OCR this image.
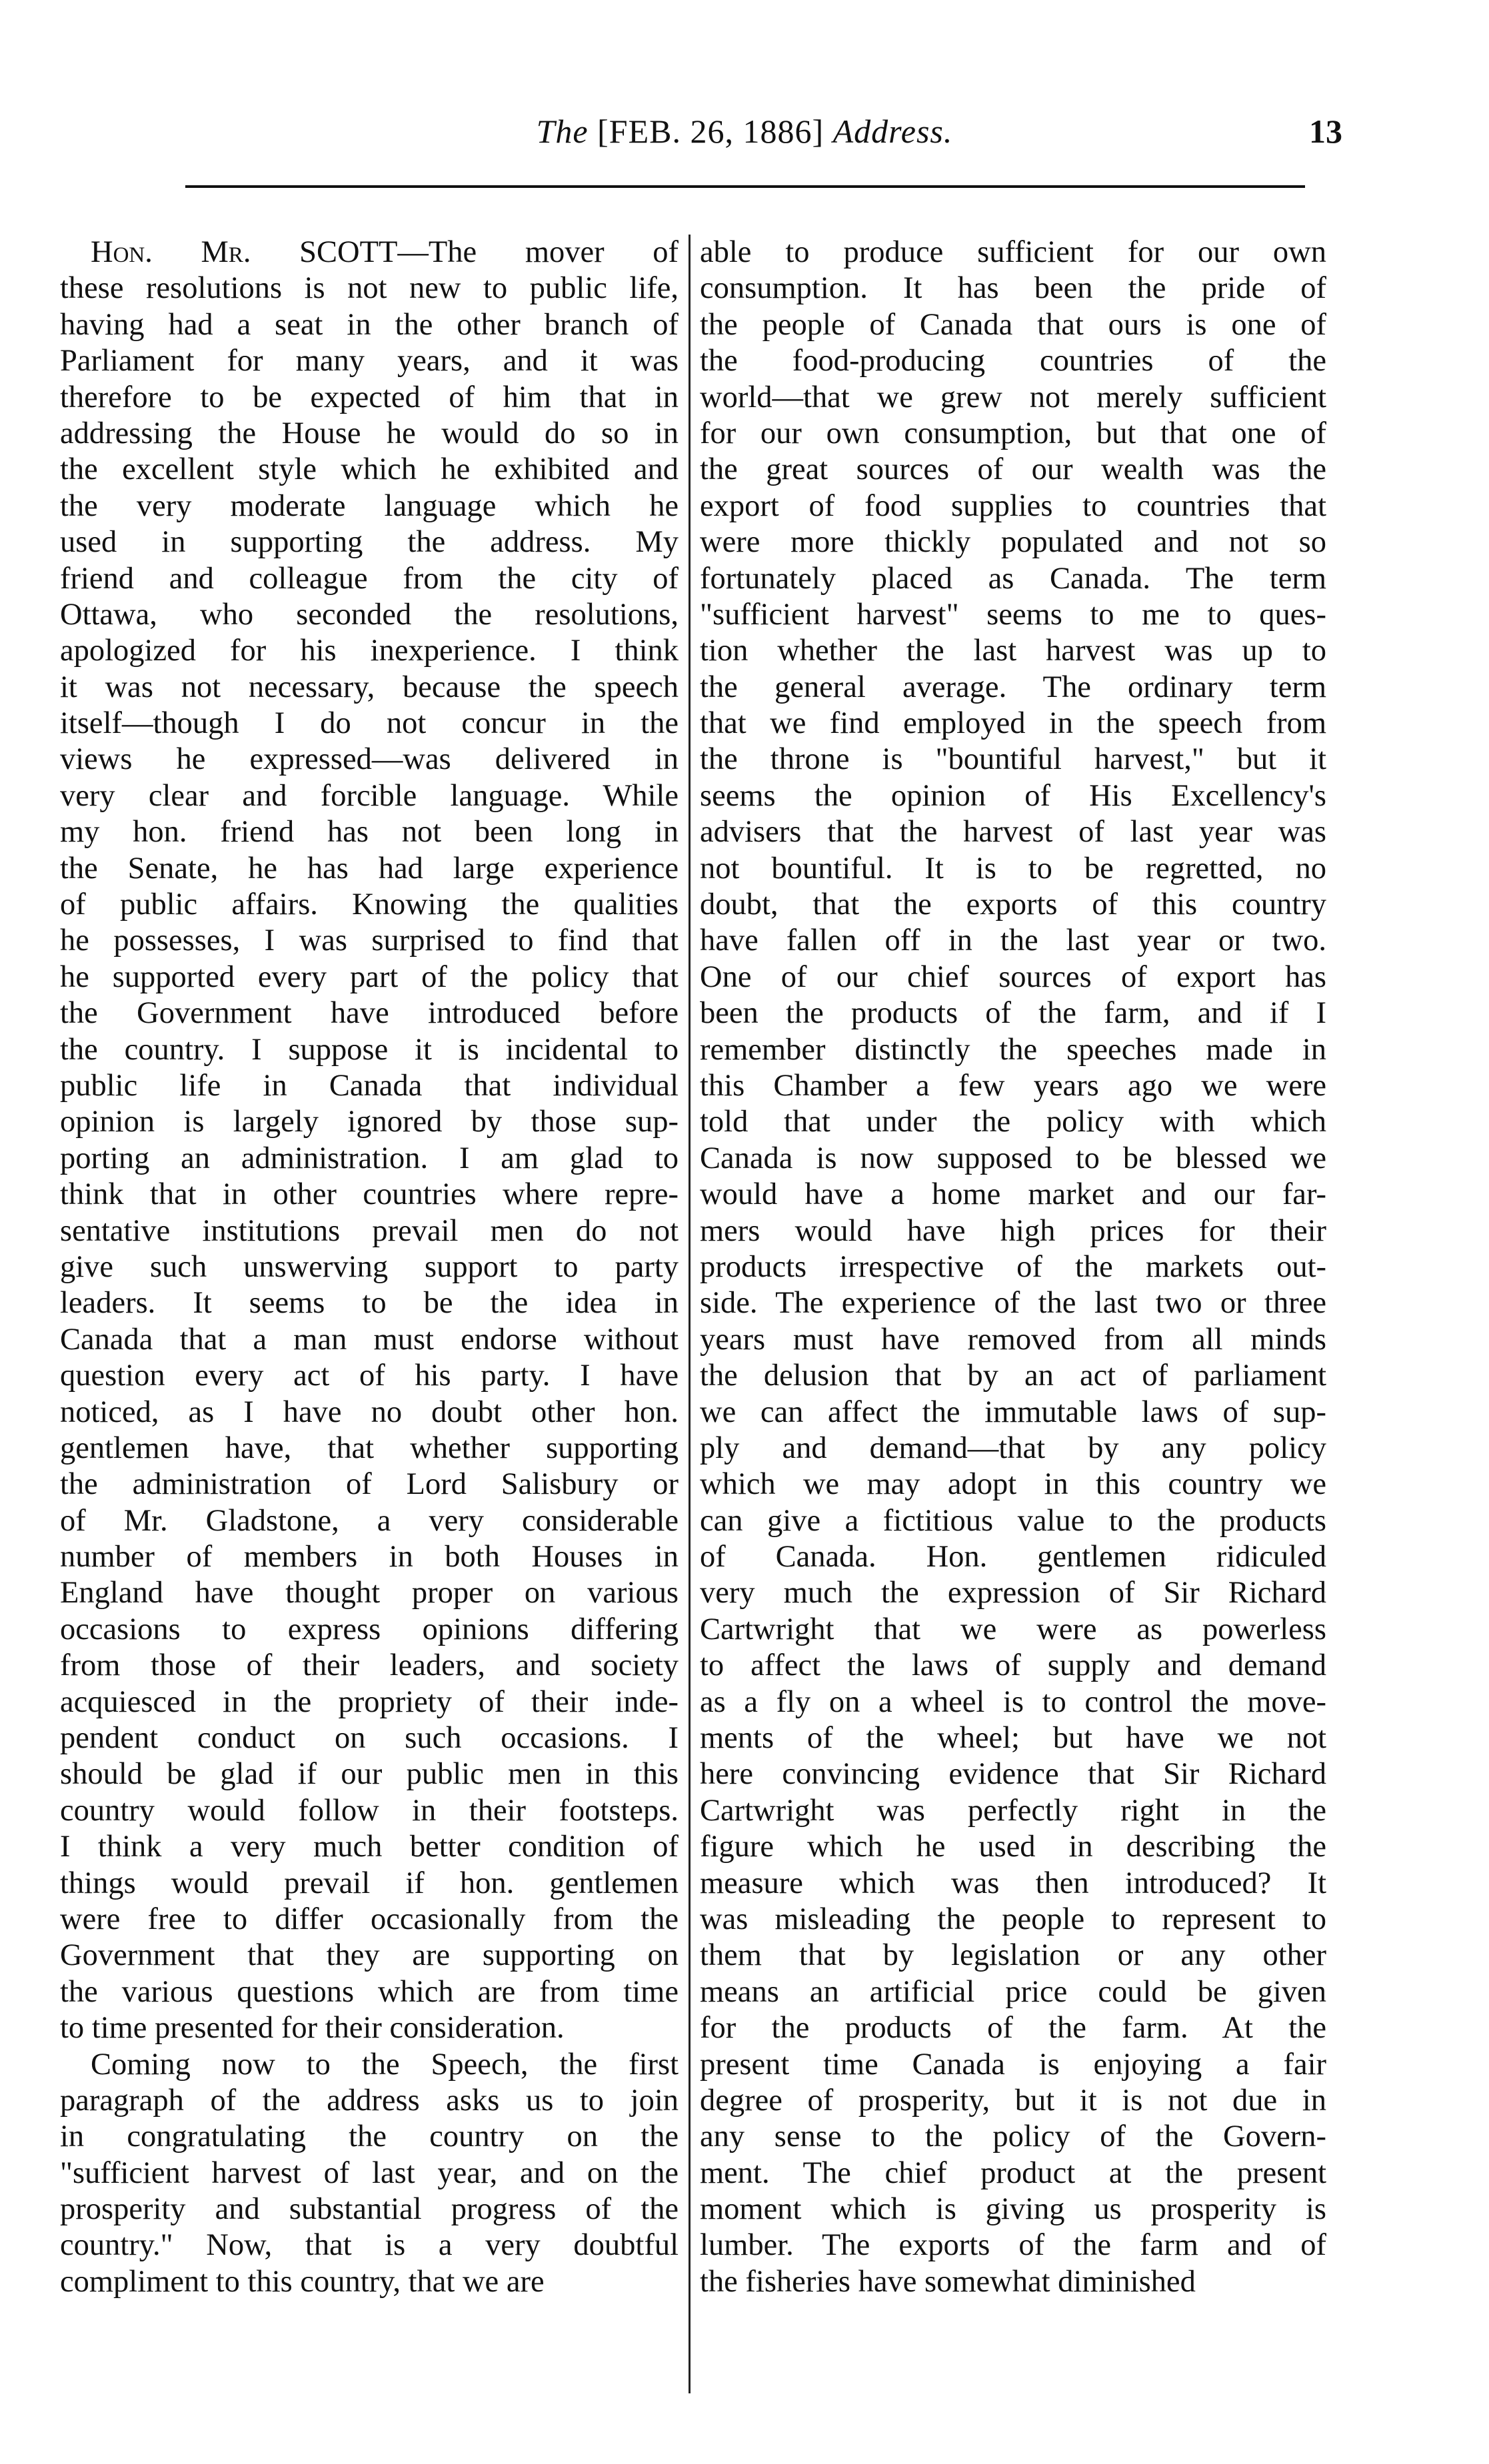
The [FEB. 26, 1886] Address.	13
Hon. Mr. SCOTT—The mover of
these resolutions is not new to public life,
having had a seat in the other branch of
Parliament for many years, and it was
therefore to be expected of him that in
addressing the House he would do so in
the excellent style which he exhibited and
the very moderate language which he
used in supporting the address. My
friend and colleague from the city of
Ottawa, who seconded the resolutions,
apologized for his inexperience. I think
it was not necessary, because the speech
itself—though I do not concur in the
views he expressed—was delivered in
very clear and forcible language. While
my hon. friend has not been long in
the Senate, he has had large experience
of public affairs. Knowing the qualities
he possesses, I was surprised to find that
he supported every part of the policy that
the Government have introduced before
the country. I suppose it is incidental to
public life in Canada that individual
opinion is largely ignored by those sup-
porting an administration. I am glad to
think that in other countries where repre-
sentative institutions prevail men do not
give such unswerving support to party
leaders. It seems to be the idea in
Canada that a man must endorse without
question every act of his party. I have
noticed, as I have no doubt other hon.
gentlemen have, that whether supporting
the administration of Lord Salisbury or
of Mr. Gladstone, a very considerable
number of members in both Houses in
England have thought proper on various
occasions to express opinions differing
from those of their leaders, and society
acquiesced in the propriety of their inde-
pendent conduct on such occasions. I
should be glad if our public men in this
country would follow in their footsteps.
I think a very much better condition of
things would prevail if hon. gentlemen
were free to differ occasionally from the
Government that they are supporting on
the various questions which are from time
to time presented for their consideration.
Coming now to the Speech, the first
paragraph of the address asks us to join
in congratulating the country on the
"sufficient harvest of last year, and on the
prosperity and substantial progress of the
country." Now, that is a very doubtful
compliment to this country, that we are
able to produce sufficient for our own
consumption. It has been the pride of
the people of Canada that ours is one of
the food-producing countries of the
world—that we grew not merely sufficient
for our own consumption, but that one of
the great sources of our wealth was the
export of food supplies to countries that
were more thickly populated and not so
fortunately placed as Canada. The term
"sufficient harvest" seems to me to ques-
tion whether the last harvest was up to
the general average. The ordinary term
that we find employed in the speech from
the throne is "bountiful harvest," but it
seems the opinion of His Excellency's
advisers that the harvest of last year was
not bountiful. It is to be regretted, no
doubt, that the exports of this country
have fallen off in the last year or two.
One of our chief sources of export has
been the products of the farm, and if I
remember distinctly the speeches made in
this Chamber a few years ago we were
told that under the policy with which
Canada is now supposed to be blessed we
would have a home market and our far-
mers would have high prices for their
products irrespective of the markets out-
side. The experience of the last two or three
years must have removed from all minds
the delusion that by an act of parliament
we can affect the immutable laws of sup-
ply and demand—that by any policy
which we may adopt in this country we
can give a fictitious value to the products
of Canada. Hon. gentlemen ridiculed
very much the expression of Sir Richard
Cartwright that we were as powerless
to affect the laws of supply and demand
as a fly on a wheel is to control the move-
ments of the wheel; but have we not
here convincing evidence that Sir Richard
Cartwright was perfectly right in the
figure which he used in describing the
measure which was then introduced? It
was misleading the people to represent to
them that by legislation or any other
means an artificial price could be given
for the products of the farm. At the
present time Canada is enjoying a fair
degree of prosperity, but it is not due in
any sense to the policy of the Govern-
ment. The chief product at the present
moment which is giving us prosperity is
lumber. The exports of the farm and of
the fisheries have somewhat diminished
